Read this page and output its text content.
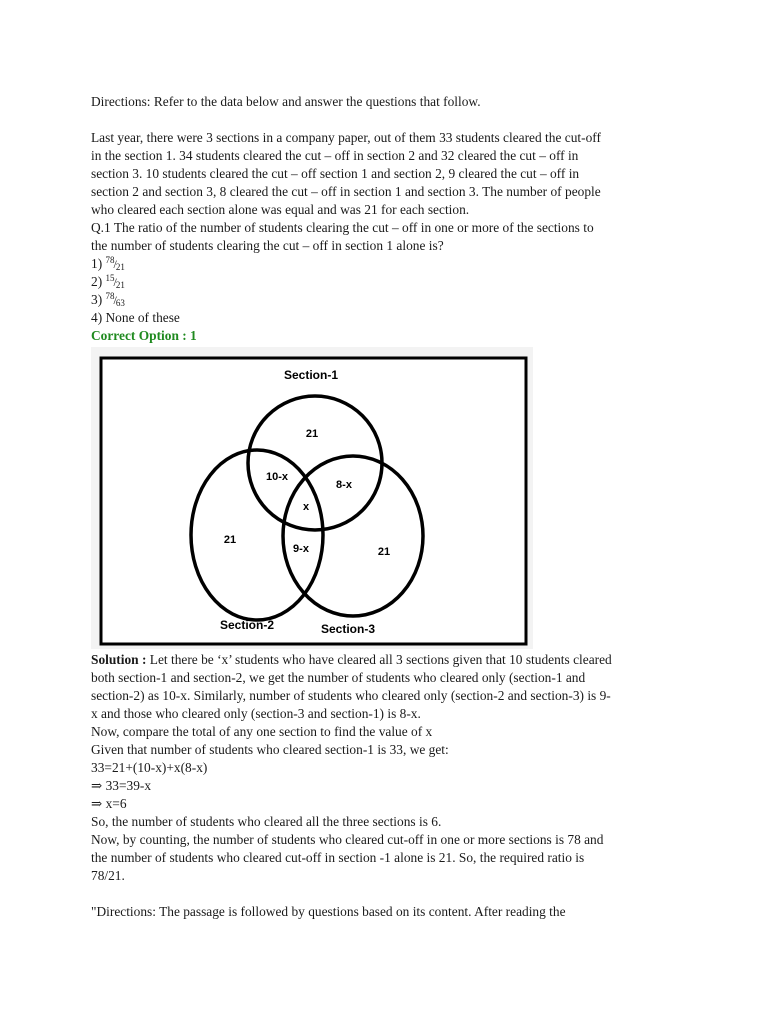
Directions: Refer to the data below and answer the questions that follow.

Last year, there were 3 sections in a company paper, out of them 33 students cleared the cut-off

in the section 1. 34 students cleared the cut – off in section 2 and 32 cleared the cut – off in

section 3. 10 students cleared the cut – off section 1 and section 2, 9 cleared the cut – off in

section 2 and section 3, 8 cleared the cut – off in section 1 and section 3. The number of people

who cleared each section alone was equal and was 21 for each section.

Q.1 The ratio of the number of students clearing the cut – off in one or more of the sections to

the number of students clearing the cut – off in section 1 alone is?

1) $^{78}/_{21}$

2) $^{15}/_{21}$

3) $^{78}/_{63}$

4) None of these

Correct Option : 1

Section-1
Section-2	Section-3
21
10-x
8-x
x
21
9-x	21

Solution : Let there be ‘x’ students who have cleared all 3 sections given that 10 students cleared

both section-1 and section-2, we get the number of students who cleared only (section-1 and

section-2) as 10-x. Similarly, number of students who cleared only (section-2 and section-3) is 9-

x and those who cleared only (section-3 and section-1) is 8-x.

Now, compare the total of any one section to find the value of x

Given that number of students who cleared section-1 is 33, we get:

33=21+(10-x)+x(8-x)

⇒ 33=39-x

⇒ x=6

So, the number of students who cleared all the three sections is 6.

Now, by counting, the number of students who cleared cut-off in one or more sections is 78 and

the number of students who cleared cut-off in section -1 alone is 21. So, the required ratio is

78/21.

"Directions: The passage is followed by questions based on its content. After reading the
